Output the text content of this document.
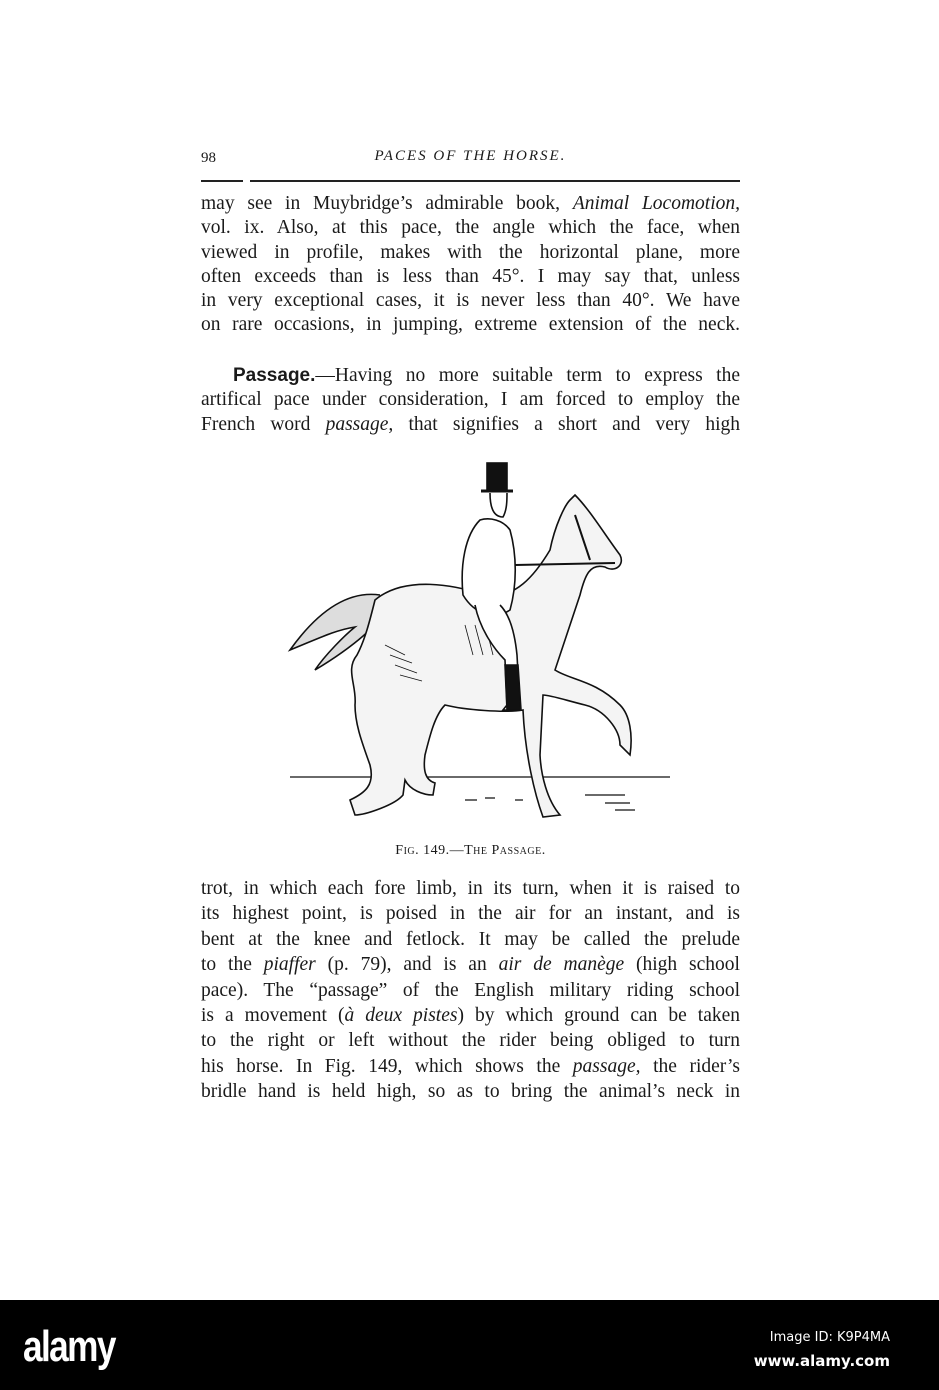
98	PACES OF THE HORSE.
may see in Muybridge’s admirable book, Animal Locomotion,
vol. ix. Also, at this pace, the angle which the face, when
viewed in profile, makes with the horizontal plane, more
often exceeds than is less than 45°. I may say that, unless
in very exceptional cases, it is never less than 40°. We have
on rare occasions, in jumping, extreme extension of the neck.
Passage.—Having no more suitable term to express the
artifical pace under consideration, I am forced to employ the
French word passage, that signifies a short and very high
Fig. 149.—The Passage.
trot, in which each fore limb, in its turn, when it is raised to
its highest point, is poised in the air for an instant, and is
bent at the knee and fetlock. It may be called the prelude
to the piaffer (p. 79), and is an air de manège (high school
pace). The “passage” of the English military riding school
is a movement (à deux pistes) by which ground can be taken
to the right or left without the rider being obliged to turn
his horse. In Fig. 149, which shows the passage, the rider’s
bridle hand is held high, so as to bring the animal’s neck in
alamy	Image ID: K9P4MA
www.alamy.com
